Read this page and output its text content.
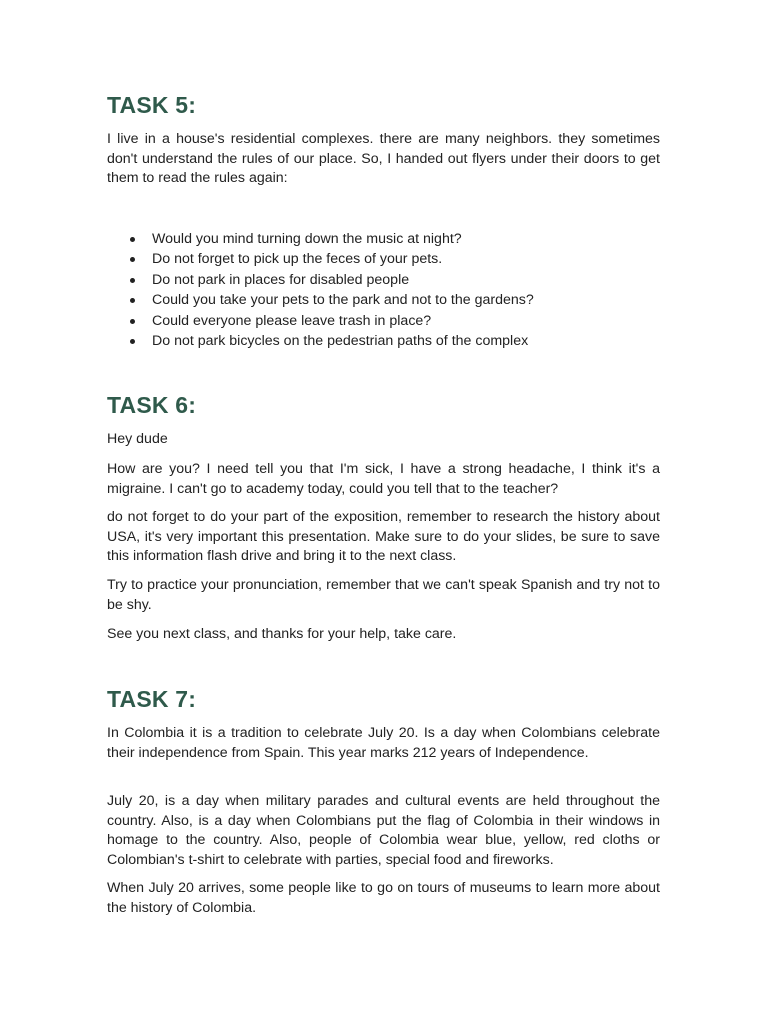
TASK 5:

I live in a house's residential complexes. there are many neighbors. they sometimes don't understand the rules of our place. So, I handed out flyers under their doors to get them to read the rules again:

Would you mind turning down the music at night?
Do not forget to pick up the feces of your pets.
Do not park in places for disabled people
Could you take your pets to the park and not to the gardens?
Could everyone please leave trash in place?
Do not park bicycles on the pedestrian paths of the complex
TASK 6:

Hey dude

How are you? I need tell you that I'm sick, I have a strong headache, I think it's a migraine. I can't go to academy today, could you tell that to the teacher?

do not forget to do your part of the exposition, remember to research the history about USA, it's very important this presentation. Make sure to do your slides, be sure to save this information flash drive and bring it to the next class.

Try to practice your pronunciation, remember that we can't speak Spanish and try not to be shy.

See you next class, and thanks for your help, take care.

TASK 7:

In Colombia it is a tradition to celebrate July 20. Is a day when Colombians celebrate their independence from Spain. This year marks 212 years of Independence.

July 20, is a day when military parades and cultural events are held throughout the country. Also, is a day when Colombians put the flag of Colombia in their windows in homage to the country. Also, people of Colombia wear blue, yellow, red cloths or Colombian's t-shirt to celebrate with parties, special food and fireworks.

When July 20 arrives, some people like to go on tours of museums to learn more about the history of Colombia.
